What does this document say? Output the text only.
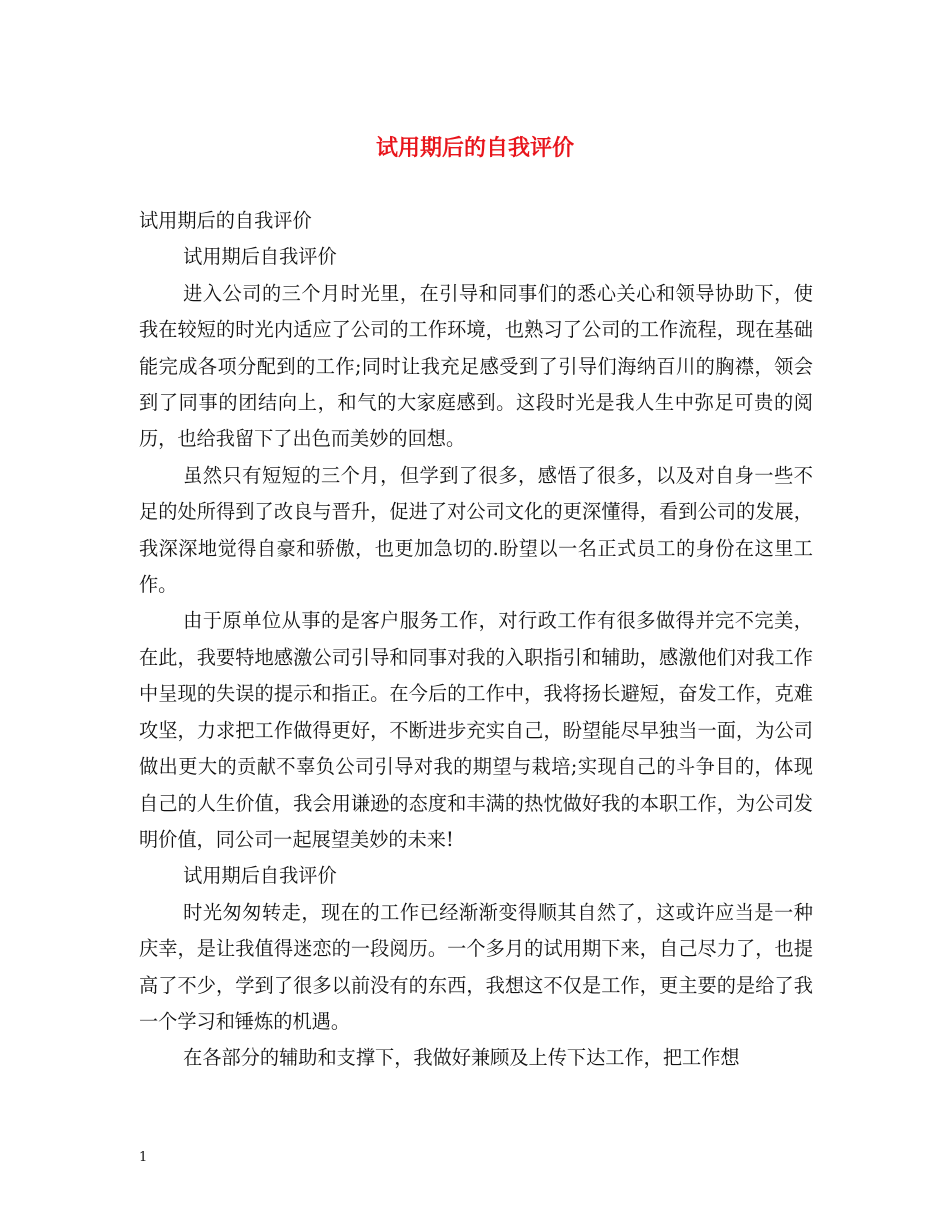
试用期后的自我评价

试用期后的自我评价

试用期后自我评价

进入公司的三个月时光里，在引导和同事们的悉心关心和领导协助下，使我在较短的时光内适应了公司的工作环境，也熟习了公司的工作流程，现在基础能完成各项分配到的工作;同时让我充足感受到了引导们海纳百川的胸襟，领会到了同事的团结向上，和气的大家庭感到。这段时光是我人生中弥足可贵的阅历，也给我留下了出色而美妙的回想。

虽然只有短短的三个月，但学到了很多，感悟了很多，以及对自身一些不足的处所得到了改良与晋升，促进了对公司文化的更深懂得，看到公司的发展，我深深地觉得自豪和骄傲，也更加急切的.盼望以一名正式员工的身份在这里工作。

由于原单位从事的是客户服务工作，对行政工作有很多做得并完不完美，在此，我要特地感激公司引导和同事对我的入职指引和辅助，感激他们对我工作中呈现的失误的提示和指正。在今后的工作中，我将扬长避短，奋发工作，克难攻坚，力求把工作做得更好，不断进步充实自己，盼望能尽早独当一面，为公司做出更大的贡献不辜负公司引导对我的期望与栽培;实现自己的斗争目的，体现自己的人生价值，我会用谦逊的态度和丰满的热忱做好我的本职工作，为公司发明价值，同公司一起展望美妙的未来!

试用期后自我评价

时光匆匆转走，现在的工作已经渐渐变得顺其自然了，这或许应当是一种庆幸，是让我值得迷恋的一段阅历。一个多月的试用期下来，自己尽力了，也提高了不少，学到了很多以前没有的东西，我想这不仅是工作，更主要的是给了我一个学习和锤炼的机遇。

在各部分的辅助和支撑下，我做好兼顾及上传下达工作，把工作想

1
